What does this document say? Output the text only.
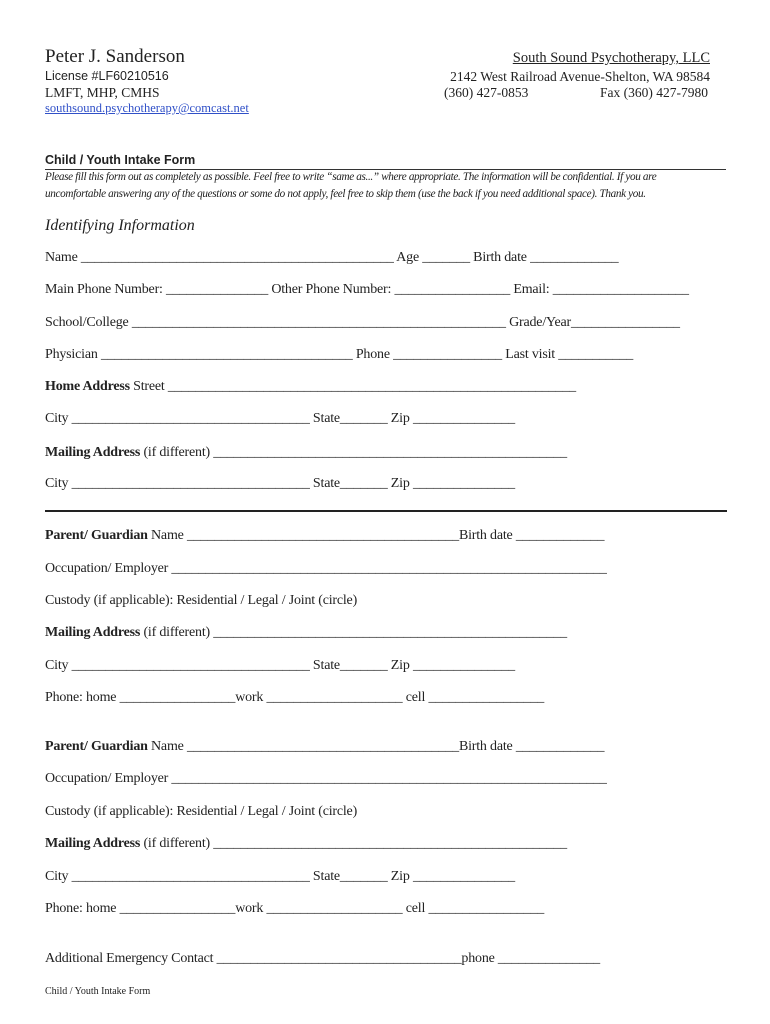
Peter J. Sanderson
License #LF60210516
LMFT, MHP, CMHS
southsound.psychotherapy@comcast.net
South Sound Psychotherapy, LLC
2142 West Railroad Avenue-Shelton, WA 98584
(360) 427-0853	Fax (360) 427-7980
Child / Youth Intake Form
Please fill this form out as completely as possible. Feel free to write “same as...” where appropriate. The information will be confidential. If you are
uncomfortable answering any of the questions or some do not apply, feel free to skip them (use the back if you need additional space). Thank you.
Identifying Information
Name ______________________________________________ Age _______ Birth date _____________
Main Phone Number: _______________ Other Phone Number: _________________ Email: ____________________
School/College _______________________________________________________ Grade/Year________________
Physician _____________________________________ Phone ________________ Last visit ___________
Home Address Street ____________________________________________________________
City ___________________________________ State_______ Zip _______________
Mailing Address (if different) ____________________________________________________
City ___________________________________ State_______ Zip _______________
Parent/ Guardian Name ________________________________________Birth date _____________
Occupation/ Employer ________________________________________________________________
Custody (if applicable): Residential / Legal / Joint (circle)
Mailing Address (if different) ____________________________________________________
City ___________________________________ State_______ Zip _______________
Phone: home _________________work ____________________ cell _________________
Parent/ Guardian Name ________________________________________Birth date _____________
Occupation/ Employer ________________________________________________________________
Custody (if applicable): Residential / Legal / Joint (circle)
Mailing Address (if different) ____________________________________________________
City ___________________________________ State_______ Zip _______________
Phone: home _________________work ____________________ cell _________________
Additional Emergency Contact ____________________________________phone _______________
Child / Youth Intake Form
